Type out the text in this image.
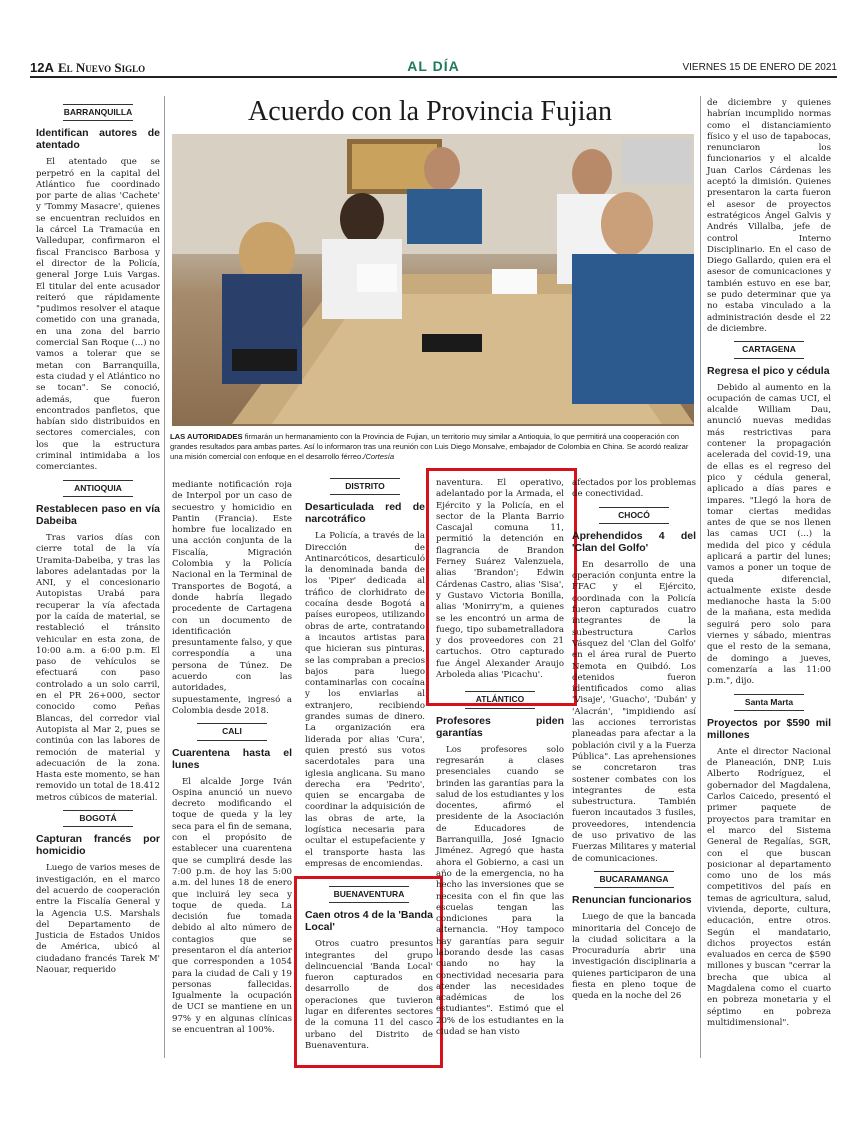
12A El Nuevo Siglo	AL DÍA	VIERNES 15 DE ENERO DE 2021
Acuerdo con la Provincia Fujian
LAS AUTORIDADES firmarán un hermanamiento con la Provincia de Fujian, un territorio muy similar a Antioquia, lo que permitirá una cooperación con grandes resultados para ambas partes. Así lo informaron tras una reunión con Luis Diego Monsalve, embajador de Colombia en China. Se acordó realizar una misión comercial con enfoque en el desarrollo férreo./Cortesía
BARRANQUILLA
Identifican autores de atentado

El atentado que se perpetró en la capital del Atlántico fue coordinado por parte de alias 'Cachete' y 'Tommy Masacre', quienes se encuentran recluidos en la cárcel La Tramacúa en Valledupar, confirmaron el fiscal Francisco Barbosa y el director de la Policía, general Jorge Luis Vargas. El titular del ente acusador reiteró que rápidamente "pudimos resolver el ataque cometido con una granada, en una zona del barrio comercial San Roque (...) no vamos a tolerar que se metan con Barranquilla, esta ciudad y el Atlántico no se tocan". Se conoció, además, que fueron encontrados panfletos, que habían sido distribuidos en sectores comerciales, con los que la estructura criminal intimidaba a los comerciantes.

ANTIOQUIA
Restablecen paso en vía Dabeiba

Tras varios días con cierre total de la vía Uramita-Dabeiba, y tras las labores adelantadas por la ANI, y el concesionario Autopistas Urabá para recuperar la vía afectada por la caída de material, se restableció el tránsito vehicular en esta zona, de 10:00 a.m. a 6:00 p.m. El paso de vehículos se efectuará con paso controlado a un solo carril, en el PR 26+000, sector conocido como Peñas Blancas, del corredor vial Autopista al Mar 2, pues se continúa con las labores de remoción de material y adecuación de la zona. Hasta este momento, se han removido un total de 18.412 metros cúbicos de material.

BOGOTÁ
Capturan francés por homicidio

Luego de varios meses de investigación, en el marco del acuerdo de cooperación entre la Fiscalía General y la Agencia U.S. Marshals del Departamento de Justicia de Estados Unidos de América, ubicó al ciudadano francés Tarek M' Naouar, requerido

mediante notificación roja de Interpol por un caso de secuestro y homicidio en Pantin (Francia). Este hombre fue localizado en una acción conjunta de la Fiscalía, Migración Colombia y la Policía Nacional en la Terminal de Transportes de Bogotá, a donde habría llegado procedente de Cartagena con un documento de identificación presuntamente falso, y que correspondía a una persona de Túnez. De acuerdo con las autoridades, supuestamente, ingresó a Colombia desde 2018.

CALI
Cuarentena hasta el lunes

El alcalde Jorge Iván Ospina anunció un nuevo decreto modificando el toque de queda y la ley seca para el fin de semana, con el propósito de establecer una cuarentena que se cumplirá desde las 7:00 p.m. de hoy las 5:00 a.m. del lunes 18 de enero que incluirá ley seca y toque de queda. La decisión fue tomada debido al alto número de contagios que se presentaron el día anterior que corresponden a 1054 para la ciudad de Cali y 19 personas fallecidas. Igualmente la ocupación de UCI se mantiene en un 97% y en algunas clínicas se encuentran al 100%.

DISTRITO
Desarticulada red de narcotráfico

La Policía, a través de la Dirección de Antinarcóticos, desarticuló la denominada banda de los 'Piper' dedicada al tráfico de clorhidrato de cocaína desde Bogotá a países europeos, utilizando obras de arte, contratando a incautos artistas para que hicieran sus pinturas, se las compraban a precios bajos para luego contaminarlas con cocaína y los enviarlas al extranjero, recibiendo grandes sumas de dinero. La organización era liderada por alias 'Cura', quien prestó sus votos sacerdotales para una iglesia anglicana. Su mano derecha era 'Pedrito', quien se encargaba de coordinar la adquisición de las obras de arte, la logística necesaria para ocultar el estupefaciente y el transporte hasta las empresas de encomiendas.

BUENAVENTURA
Caen otros 4 de la 'Banda Local'

Otros cuatro presuntos integrantes del grupo delincuencial 'Banda Local' fueron capturados en desarrollo de dos operaciones que tuvieron lugar en diferentes sectores de la comuna 11 del casco urbano del Distrito de Buenaventura.

naventura. El operativo, adelantado por la Armada, el Ejército y la Policía, en el sector de la Planta Barrio Cascajal comuna 11, permitió la detención en flagrancia de Brandon Ferney Suárez Valenzuela, alias 'Brandon'; Edwin Cárdenas Castro, alias 'Sisa', y Gustavo Victoria Bonilla, alias 'Monirry'm, a quienes se les encontró un arma de fuego, tipo subametralladora y dos proveedores con 21 cartuchos. Otro capturado fue Ángel Alexander Araujo Arboleda alias 'Picachu'.

ATLÁNTICO
Profesores piden garantías

Los profesores solo regresarán a clases presenciales cuando se brinden las garantías para la salud de los estudiantes y los docentes, afirmó el presidente de la Asociación de Educadores de Barranquilla, José Ignacio Jiménez. Agregó que hasta ahora el Gobierno, a casi un año de la emergencia, no ha hecho las inversiones que se necesita con el fin que las escuelas tengan las condiciones para la alternancia. "Hoy tampoco hay garantías para seguir laborando desde las casas cuando no hay la conectividad necesaria para atender las necesidades académicas de los estudiantes". Estimó que el 20% de los estudiantes en la ciudad se han visto

afectados por los problemas de conectividad.

CHOCÓ
Aprehendidos 4 del 'Clan del Golfo'

En desarrollo de una operación conjunta entre la FFAC y el Ejército, coordinada con la Policía fueron capturados cuatro integrantes de la subestructura Carlos Vásquez del 'Clan del Golfo' en el área rural de Puerto Nemota en Quibdó. Los detenidos fueron identificados como alias 'Visaje', 'Guacho', 'Dubán' y 'Alacrán', "impidiendo así las acciones terroristas planeadas para afectar a la población civil y a la Fuerza Pública". Las aprehensiones se concretaron tras sostener combates con los integrantes de esta subestructura. También fueron incautados 3 fusiles, proveedores, intendencia de uso privativo de las Fuerzas Militares y material de comunicaciones.

BUCARAMANGA
Renuncian funcionarios

Luego de que la bancada minoritaria del Concejo de la ciudad solicitara a la Procuraduría abrir una investigación disciplinaria a quienes participaron de una fiesta en pleno toque de queda en la noche del 26

de diciembre y quienes habrían incumplido normas como el distanciamiento físico y el uso de tapabocas, renunciaron los funcionarios y el alcalde Juan Carlos Cárdenas les aceptó la dimisión. Quienes presentaron la carta fueron el asesor de proyectos estratégicos Ángel Galvis y Andrés Villalba, jefe de control Interno Disciplinario. En el caso de Diego Gallardo, quien era el asesor de comunicaciones y también estuvo en ese bar, se pudo determinar que ya no estaba vinculado a la administración desde el 22 de diciembre.

CARTAGENA
Regresa el pico y cédula

Debido al aumento en la ocupación de camas UCI, el alcalde William Dau, anunció nuevas medidas más restrictivas para contener la propagación acelerada del covid-19, una de ellas es el regreso del pico y cédula general, aplicado a días pares e impares. "Llegó la hora de tomar ciertas medidas antes de que se nos llenen las camas UCI (...) la medida del pico y cédula aplicará a partir del lunes; vamos a poner un toque de queda diferencial, actualmente existe desde medianoche hasta la 5:00 de la mañana, esta medida seguirá pero solo para viernes y sábado, mientras que el resto de la semana, de domingo a jueves, comenzaría a las 11:00 p.m.", dijo.

Santa Marta
Proyectos por $590 mil millones

Ante el director Nacional de Planeación, DNP, Luis Alberto Rodríguez, el gobernador del Magdalena, Carlos Caicedo, presentó el primer paquete de proyectos para tramitar en el marco del Sistema General de Regalías, SGR, con el que buscan posicionar al departamento como uno de los más competitivos del país en temas de agricultura, salud, vivienda, deporte, cultura, educación, entre otros. Según el mandatario, dichos proyectos están evaluados en cerca de $590 millones y buscan "cerrar la brecha que ubica al Magdalena como el cuarto en pobreza monetaria y el séptimo en pobreza multidimensional".
